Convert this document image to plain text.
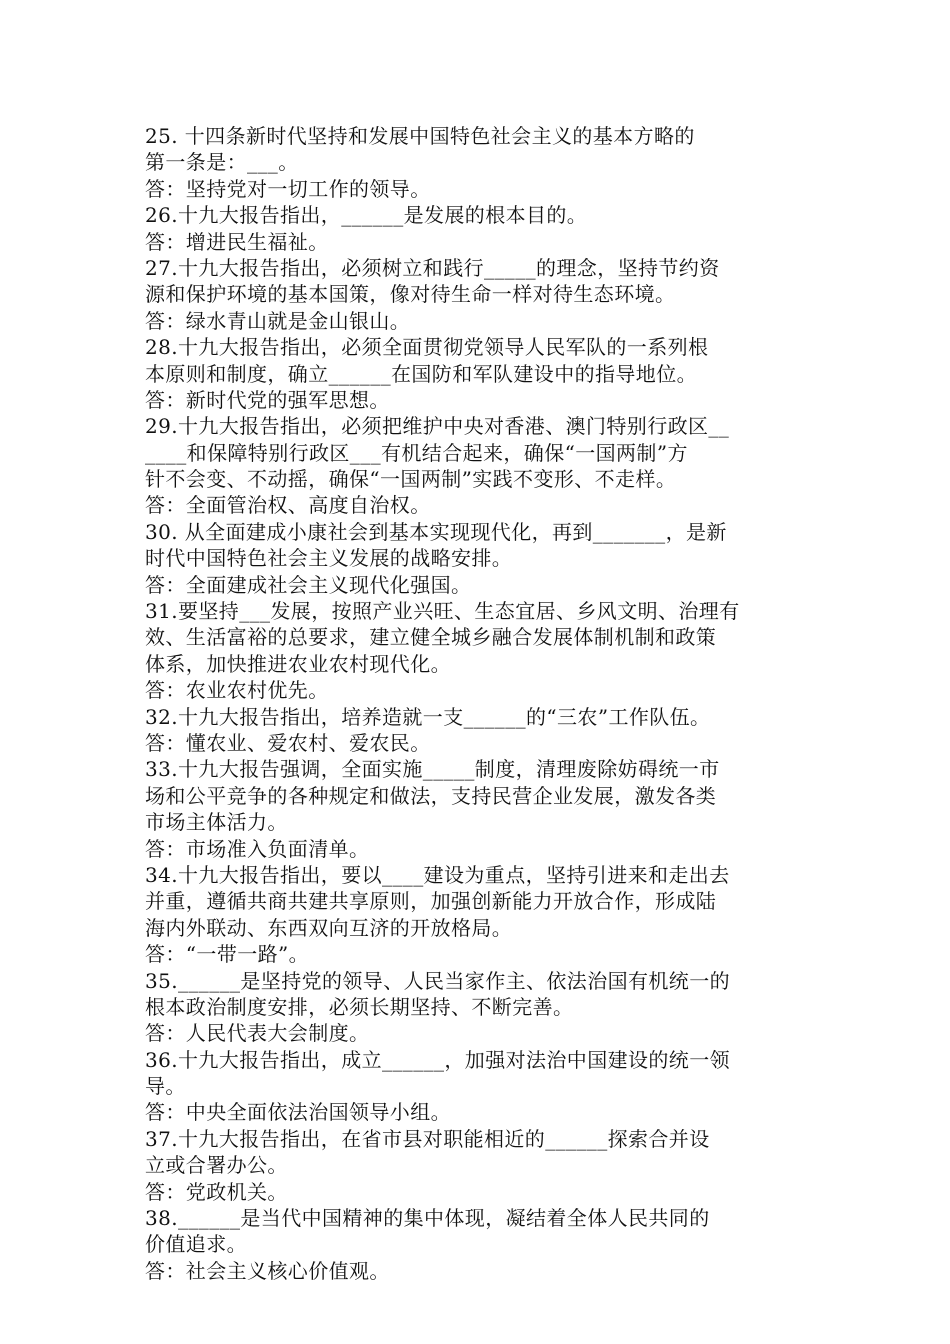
25. 十四条新时代坚持和发展中国特色社会主义的基本方略的
第一条是：___。
答：坚持党对一切工作的领导。
26.十九大报告指出，______是发展的根本目的。
答：增进民生福祉。
27.十九大报告指出，必须树立和践行_____的理念，坚持节约资
源和保护环境的基本国策，像对待生命一样对待生态环境。
答：绿水青山就是金山银山。
28.十九大报告指出，必须全面贯彻党领导人民军队的一系列根
本原则和制度，确立______在国防和军队建设中的指导地位。
答：新时代党的强军思想。
29.十九大报告指出，必须把维护中央对香港、澳门特别行政区__
____和保障特别行政区___有机结合起来，确保“一国两制”方
针不会变、不动摇，确保“一国两制”实践不变形、不走样。
答：全面管治权、高度自治权。
30. 从全面建成小康社会到基本实现现代化，再到_______，是新
时代中国特色社会主义发展的战略安排。
答：全面建成社会主义现代化强国。
31.要坚持___发展，按照产业兴旺、生态宜居、乡风文明、治理有
效、生活富裕的总要求，建立健全城乡融合发展体制机制和政策
体系，加快推进农业农村现代化。
答：农业农村优先。
32.十九大报告指出，培养造就一支______的“三农”工作队伍。
答：懂农业、爱农村、爱农民。
33.十九大报告强调，全面实施_____制度，清理废除妨碍统一市
场和公平竞争的各种规定和做法，支持民营企业发展，激发各类
市场主体活力。
答：市场准入负面清单。
34.十九大报告指出，要以____建设为重点，坚持引进来和走出去
并重，遵循共商共建共享原则，加强创新能力开放合作，形成陆
海内外联动、东西双向互济的开放格局。
答：“一带一路”。
35.______是坚持党的领导、人民当家作主、依法治国有机统一的
根本政治制度安排，必须长期坚持、不断完善。
答：人民代表大会制度。
36.十九大报告指出，成立______，加强对法治中国建设的统一领
导。
答：中央全面依法治国领导小组。
37.十九大报告指出，在省市县对职能相近的______探索合并设
立或合署办公。
答：党政机关。
38.______是当代中国精神的集中体现，凝结着全体人民共同的
价值追求。
答：社会主义核心价值观。
